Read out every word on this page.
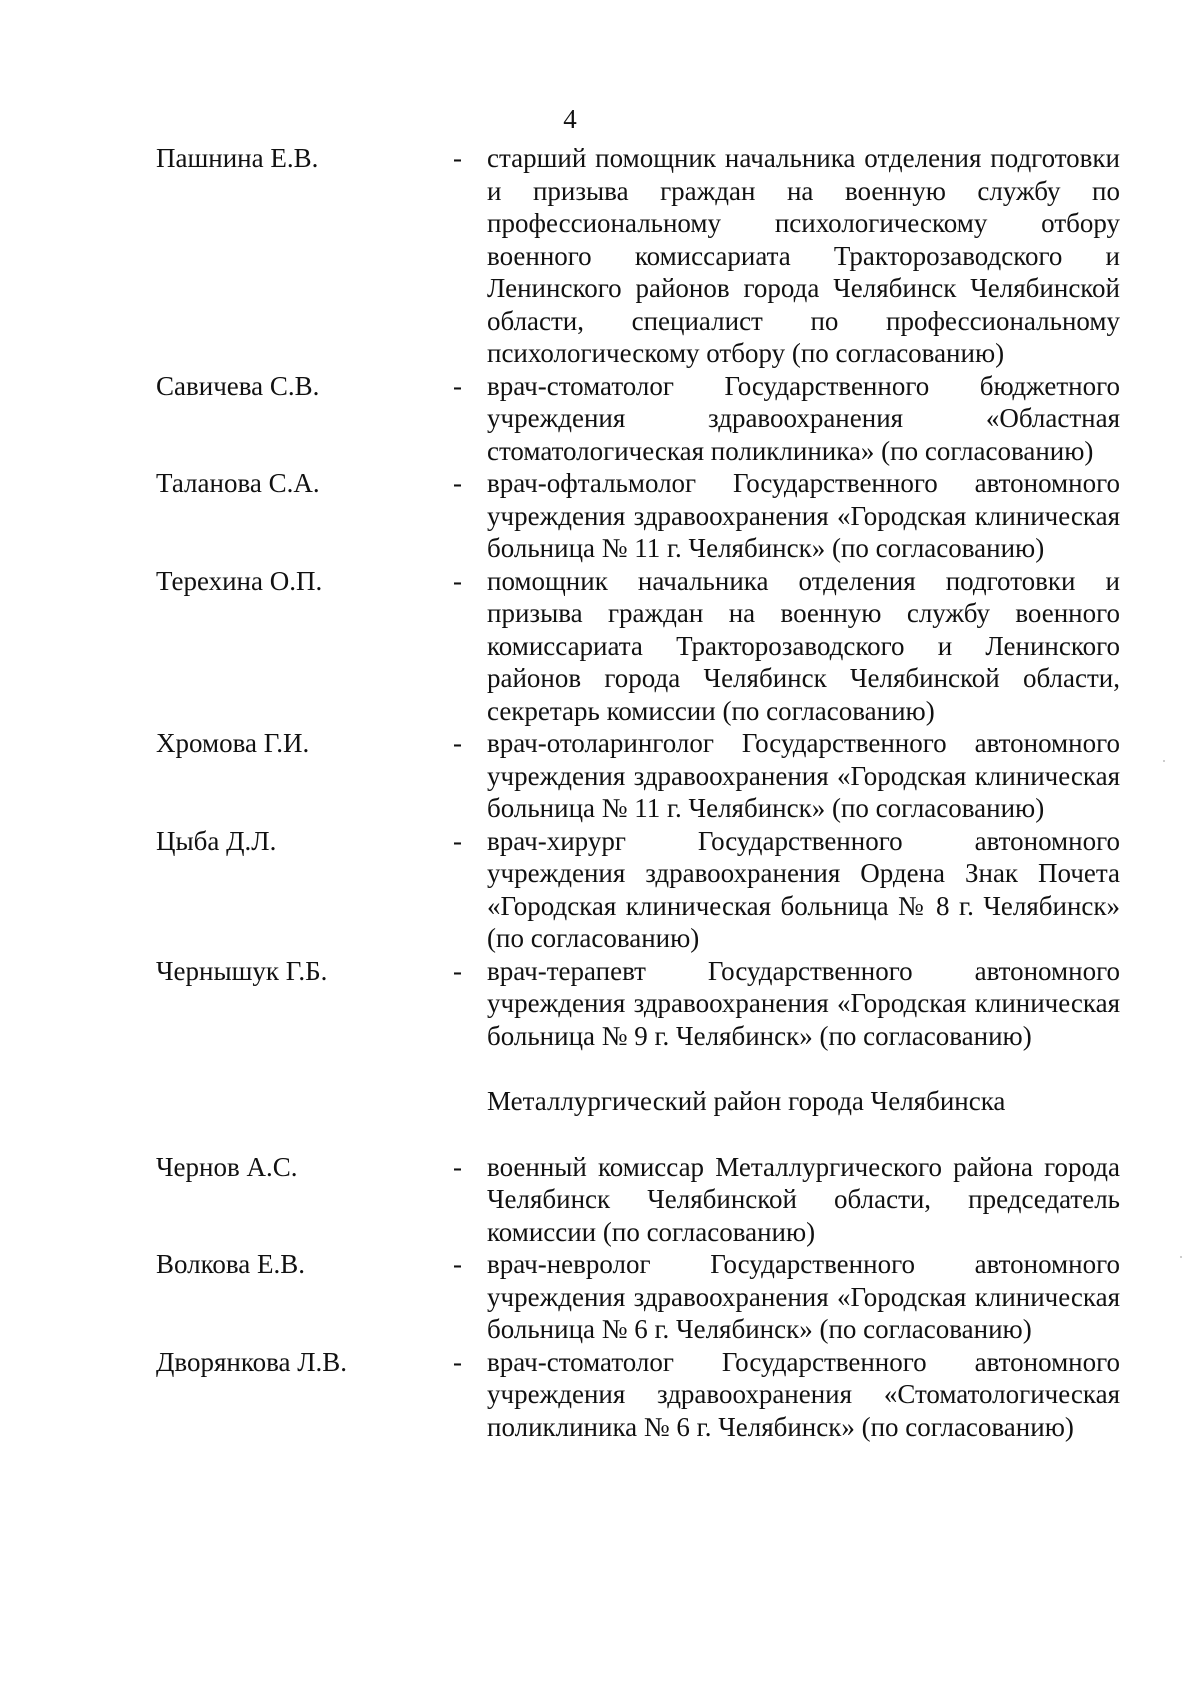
4
Пашнина Е.В.	- старший помощник начальника отделения подготовки и призыва граждан на военную службу по профессиональному психологическому отбору военного комиссариата Тракторозаводского и Ленинского районов города Челябинск Челябинской области, специалист по профессиональному психологическому отбору (по согласованию)
Савичева С.В.	- врач-стоматолог Государственного бюджетного учреждения здравоохранения «Областная стоматологическая поликлиника» (по согласованию)
Таланова С.А.	- врач-офтальмолог Государственного автономного учреждения здравоохранения «Городская клиническая больница № 11 г. Челябинск» (по согласованию)
Терехина О.П.	- помощник начальника отделения подготовки и призыва граждан на военную службу военного комиссариата Тракторозаводского и Ленинского районов города Челябинск Челябинской области, секретарь комиссии (по согласованию)
Хромова Г.И.	- врач-отоларинголог Государственного автономного учреждения здравоохранения «Городская клиническая больница № 11 г. Челябинск» (по согласованию)
Цыба Д.Л.	- врач-хирург Государственного автономного учреждения здравоохранения Ордена Знак Почета «Городская клиническая больница № 8 г. Челябинск» (по согласованию)
Чернышук Г.Б.	- врач-терапевт Государственного автономного учреждения здравоохранения «Городская клиническая больница № 9 г. Челябинск» (по согласованию)
Металлургический район города Челябинска
Чернов А.С.	- военный комиссар Металлургического района города Челябинск Челябинской области, председатель комиссии (по согласованию)
Волкова Е.В.	- врач-невролог Государственного автономного учреждения здравоохранения «Городская клиническая больница № 6 г. Челябинск» (по согласованию)
Дворянкова Л.В.	- врач-стоматолог Государственного автономного учреждения здравоохранения «Стоматологическая поликлиника № 6 г. Челябинск» (по согласованию)
